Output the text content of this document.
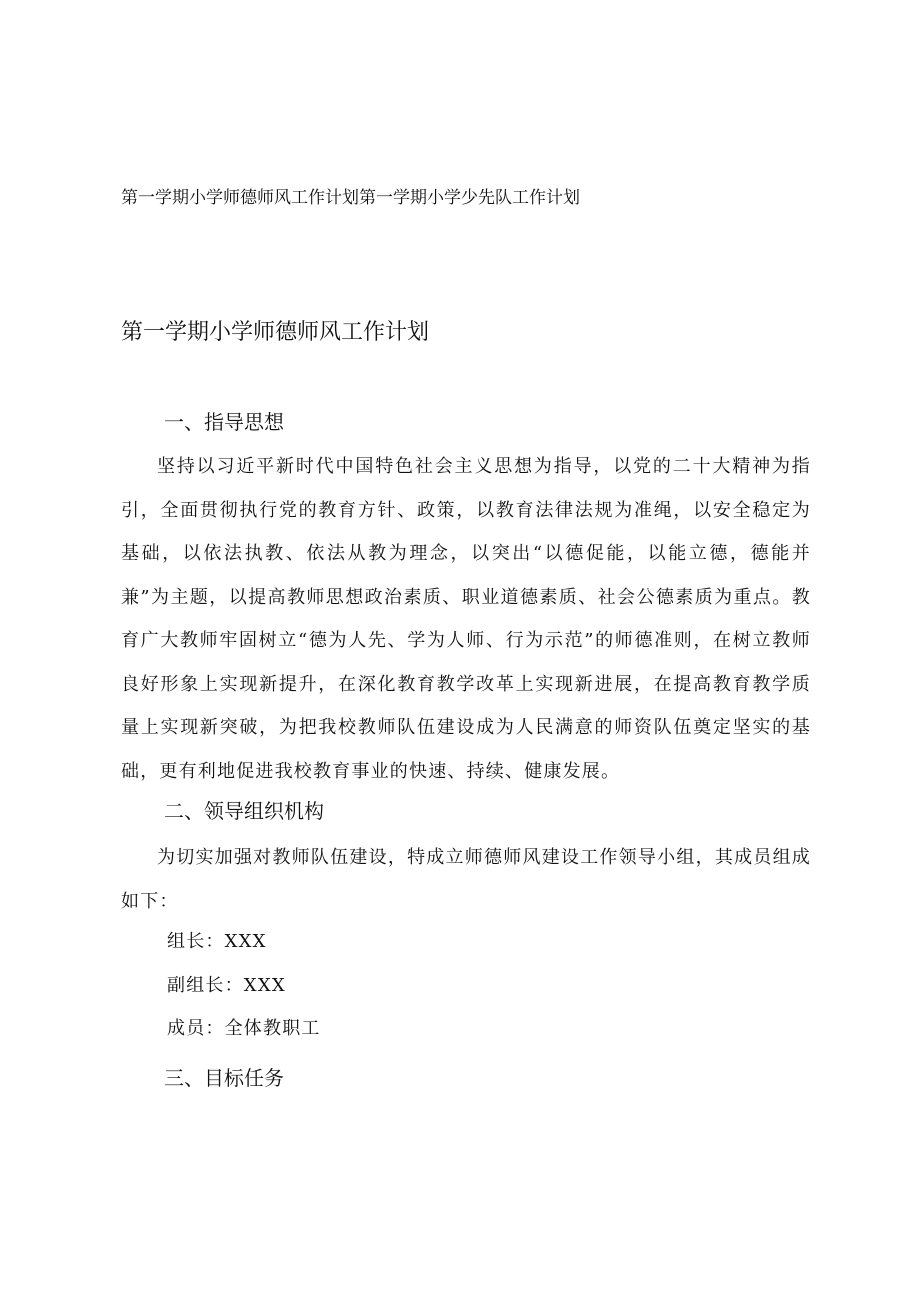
第一学期小学师德师风工作计划第一学期小学少先队工作计划
第一学期小学师德师风工作计划
一、指导思想

坚持以习近平新时代中国特色社会主义思想为指导，以党的二十大精神为指引，全面贯彻执行党的教育方针、政策，以教育法律法规为准绳，以安全稳定为基础，以依法执教、依法从教为理念，以突出“以德促能，以能立德，德能并兼”为主题，以提高教师思想政治素质、职业道德素质、社会公德素质为重点。教育广大教师牢固树立“德为人先、学为人师、行为示范”的师德准则，在树立教师良好形象上实现新提升，在深化教育教学改革上实现新进展，在提高教育教学质量上实现新突破，为把我校教师队伍建设成为人民满意的师资队伍奠定坚实的基础，更有利地促进我校教育事业的快速、持续、健康发展。

二、领导组织机构

为切实加强对教师队伍建设，特成立师德师风建设工作领导小组，其成员组成如下：

组长：XXX
副组长：XXX
成员：全体教职工
三、目标任务
